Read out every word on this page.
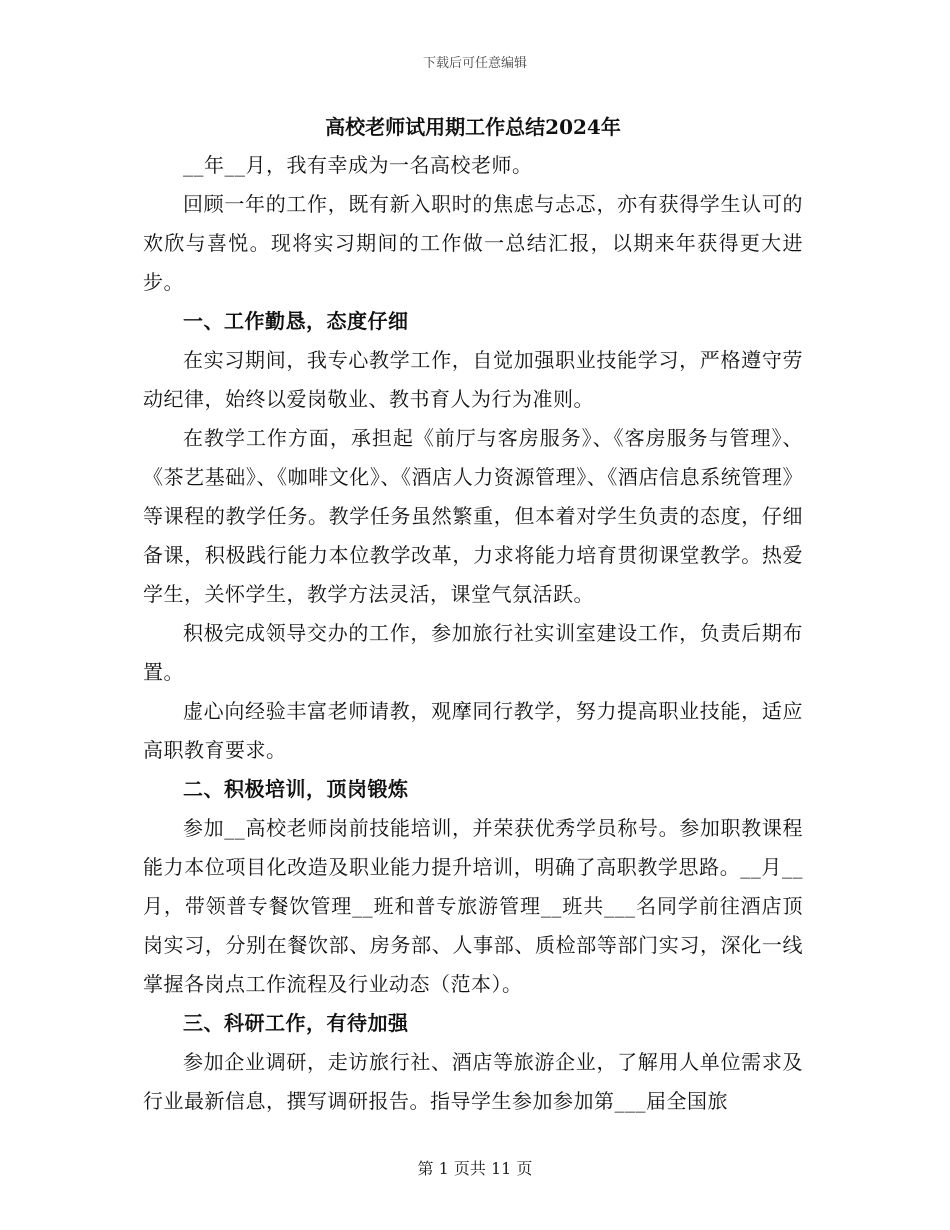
下载后可任意编辑
高校老师试用期工作总结2024年

__年__月，我有幸成为一名高校老师。

回顾一年的工作，既有新入职时的焦虑与忐忑，亦有获得学生认可的欢欣与喜悦。现将实习期间的工作做一总结汇报，以期来年获得更大进步。

一、工作勤恳，态度仔细

在实习期间，我专心教学工作，自觉加强职业技能学习，严格遵守劳动纪律，始终以爱岗敬业、教书育人为行为准则。

在教学工作方面，承担起《前厅与客房服务》、《客房服务与管理》、《茶艺基础》、《咖啡文化》、《酒店人力资源管理》、《酒店信息系统管理》等课程的教学任务。教学任务虽然繁重，但本着对学生负责的态度，仔细备课，积极践行能力本位教学改革，力求将能力培育贯彻课堂教学。热爱学生，关怀学生，教学方法灵活，课堂气氛活跃。

积极完成领导交办的工作，参加旅行社实训室建设工作，负责后期布置。

虚心向经验丰富老师请教，观摩同行教学，努力提高职业技能，适应高职教育要求。

二、积极培训，顶岗锻炼

参加__高校老师岗前技能培训，并荣获优秀学员称号。参加职教课程能力本位项目化改造及职业能力提升培训，明确了高职教学思路。__月__月，带领普专餐饮管理__班和普专旅游管理__班共___名同学前往酒店顶岗实习，分别在餐饮部、房务部、人事部、质检部等部门实习，深化一线掌握各岗点工作流程及行业动态（范本）。

三、科研工作，有待加强

参加企业调研，走访旅行社、酒店等旅游企业，了解用人单位需求及行业最新信息，撰写调研报告。指导学生参加参加第___届全国旅

第 1 页共 11 页
